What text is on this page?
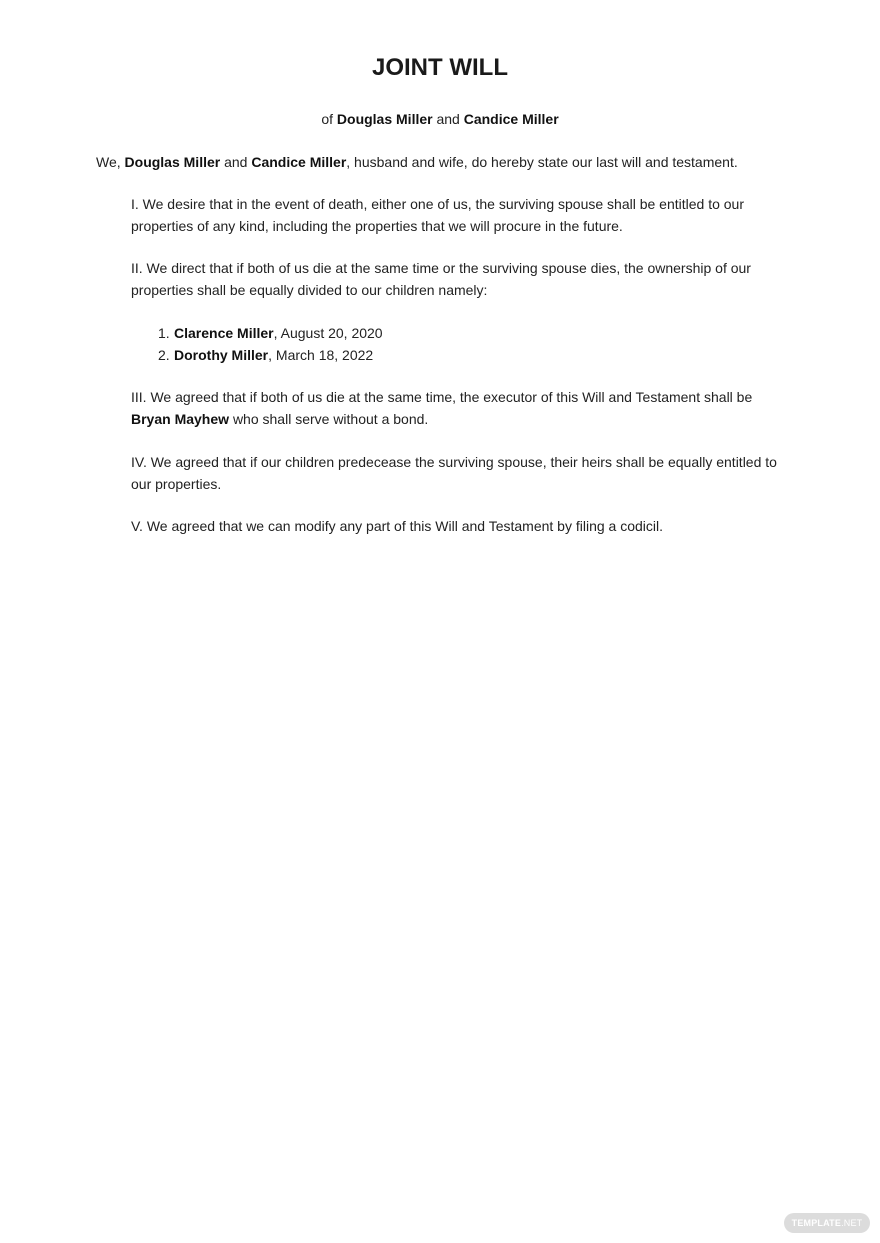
JOINT WILL

of Douglas Miller and Candice Miller

We, Douglas Miller and Candice Miller, husband and wife, do hereby state our last will and testament.

I. We desire that in the event of death, either one of us, the surviving spouse shall be entitled to our properties of any kind, including the properties that we will procure in the future.

II. We direct that if both of us die at the same time or the surviving spouse dies, the ownership of our properties shall be equally divided to our children namely:

1. Clarence Miller, August 20, 2020
2. Dorothy Miller, March 18, 2022

III. We agreed that if both of us die at the same time, the executor of this Will and Testament shall be Bryan Mayhew who shall serve without a bond.

IV. We agreed that if our children predecease the surviving spouse, their heirs shall be equally entitled to our properties.

V. We agreed that we can modify any part of this Will and Testament by filing a codicil.

TEMPLATE.NET
